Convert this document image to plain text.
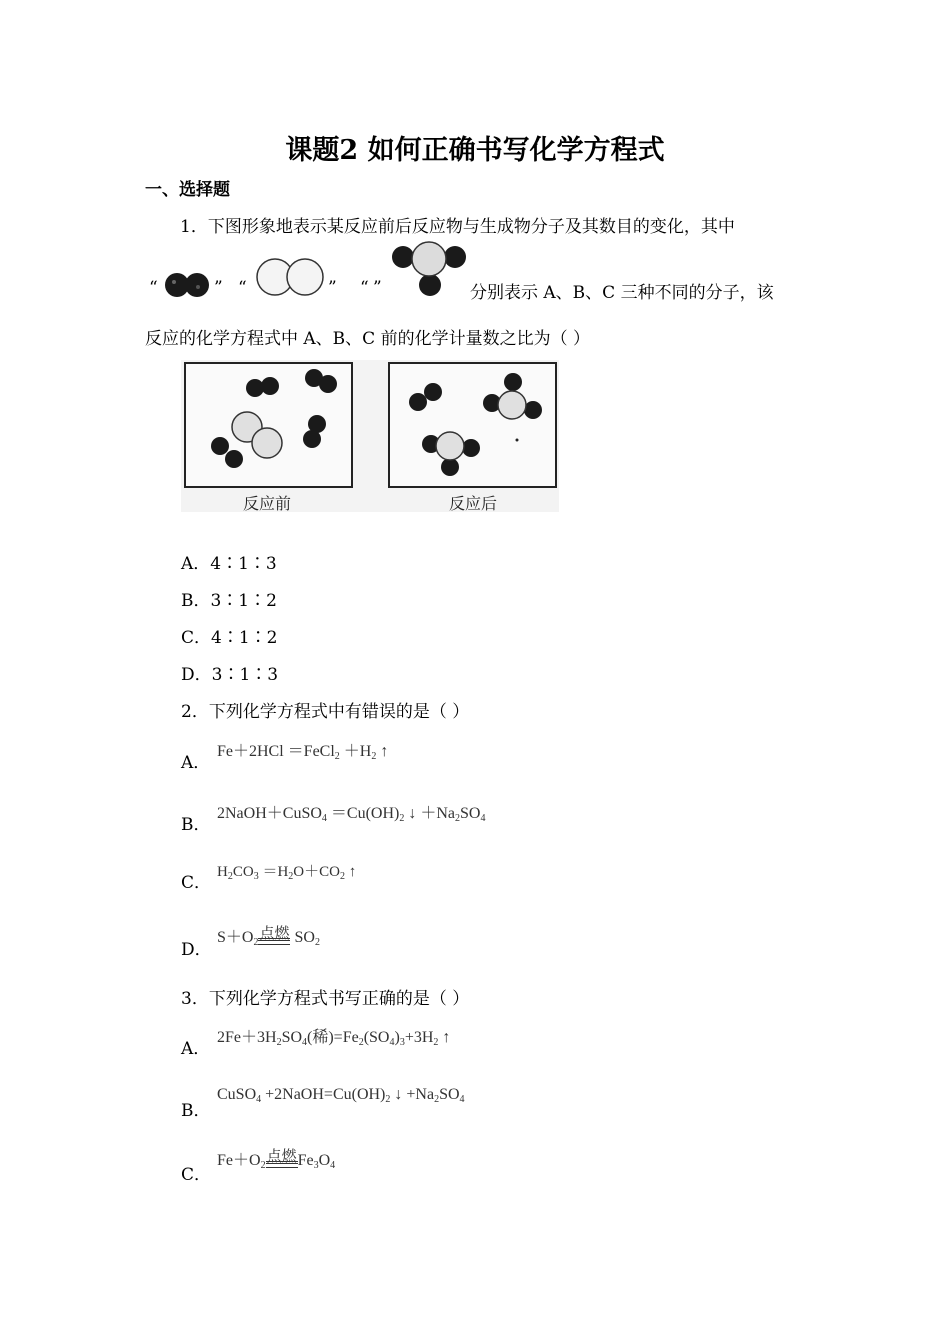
课题2 如何正确书写化学方程式
一、选择题
1．下图形象地表示某反应前后反应物与生成物分子及其数目的变化，其中
“	” “	” “ ”	分别表示 A、B、C 三种不同的分子，该
反应的化学方程式中 A、B、C 前的化学计量数之比为（ ）
反应前	反应后
A．4∶1∶3
B．3∶1∶2
C．4∶1∶2
D．3∶1∶3
2．下列化学方程式中有错误的是（ ）
A．
Fe＋2HCl ＝FeCl$_2$ $+H_2$ ↑
B．
2NaOH＋CuSO$_4$ $=Cu(OH)_2$ ↓ $+Na_2SO_4$
C．
$H_2CO_3 =H_2O+CO_2$ ↑
D．
$S+O_2$点燃
$SO_2$
3．下列化学方程式书写正确的是（ ）
A．
$2Fe+3H_2SO_4$(稀)$=Fe_2(SO_4)_3+3H_2$ ↑
B．
CuSO$_4$ $+2NaOH=Cu(OH)_2$ ↓ $+Na_2SO_4$
C．
$Fe+O_2$点燃
$Fe_3O_4$
